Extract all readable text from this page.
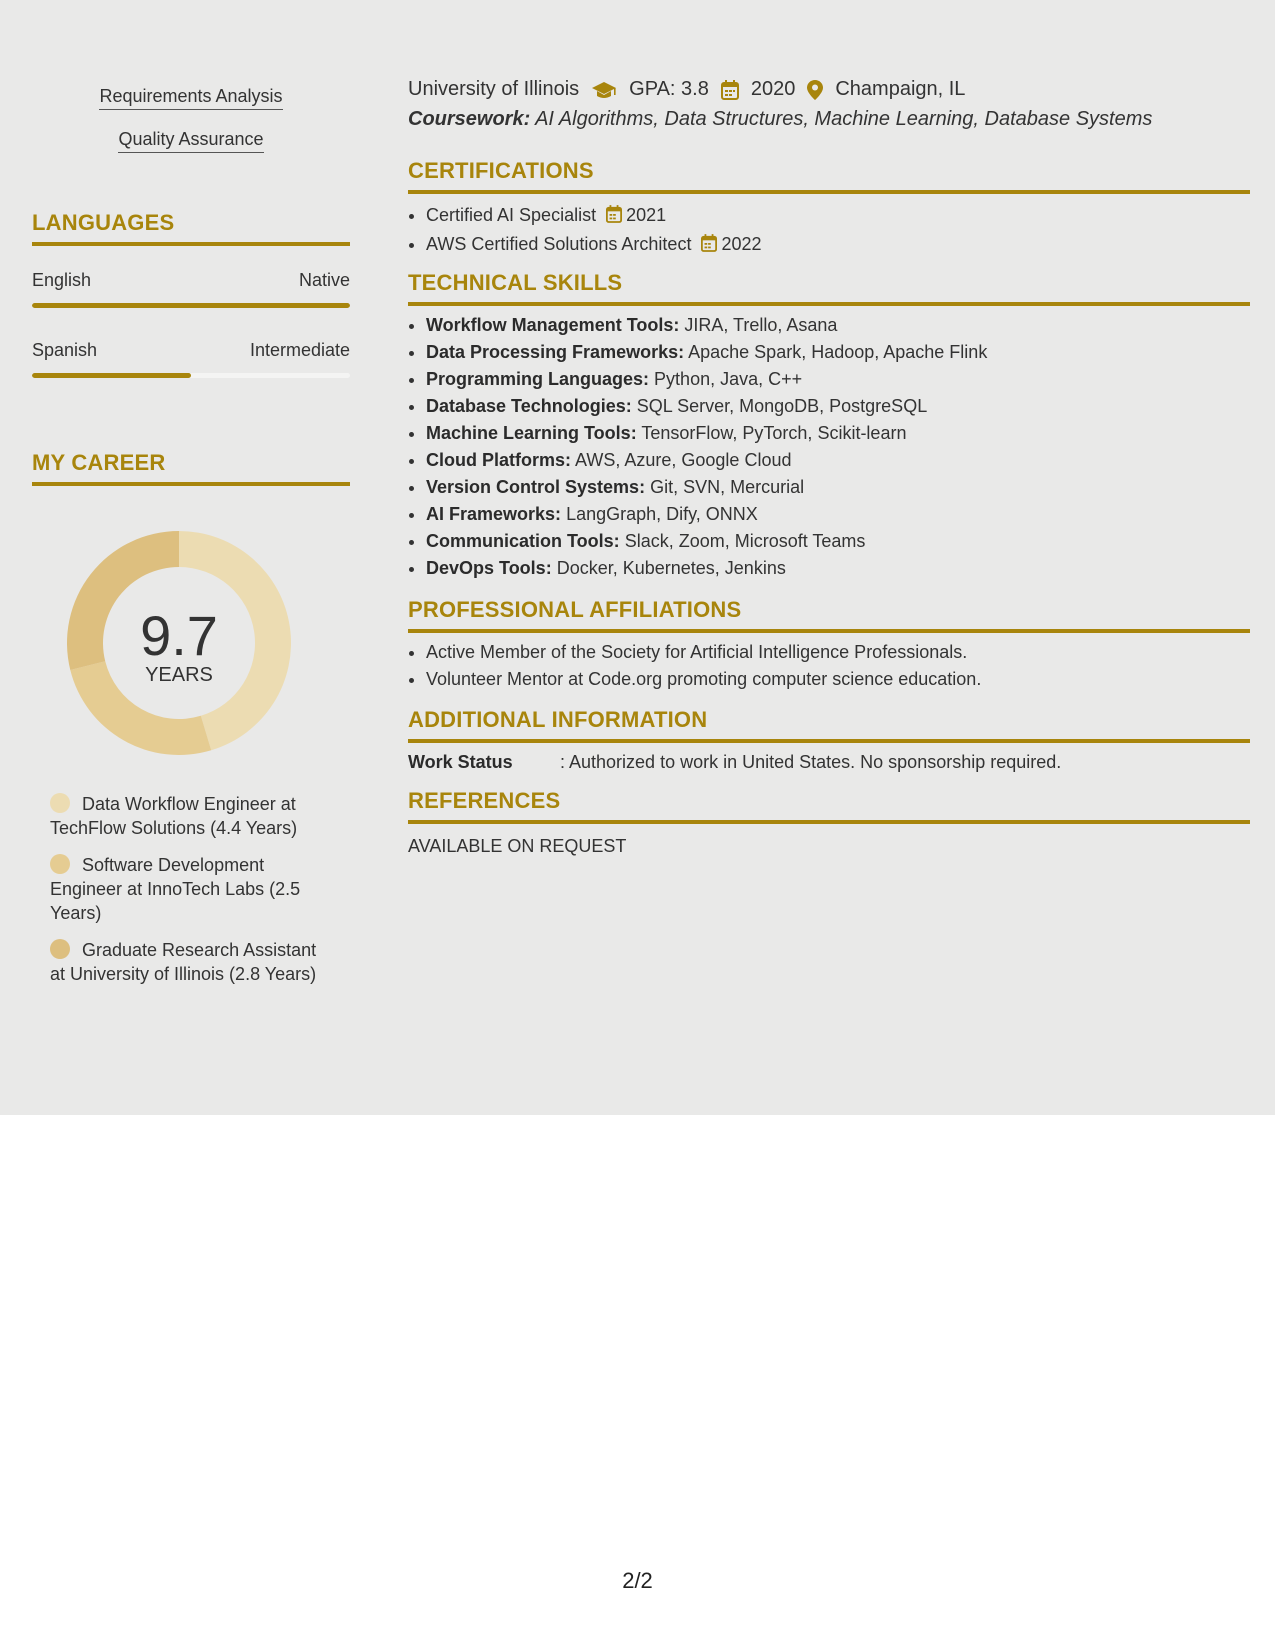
Requirements Analysis
Quality Assurance
LANGUAGES
English	Native
Spanish	Intermediate
MY CAREER
9.7
YEARS
Data Workflow Engineer at TechFlow Solutions (4.4 Years)
Software Development Engineer at InnoTech Labs (2.5 Years)
Graduate Research Assistant at University of Illinois (2.8 Years)
University of Illinois	GPA: 3.8 2020 Champaign, IL
Coursework: AI Algorithms, Data Structures, Machine Learning, Database Systems
CERTIFICATIONS
• Certified AI Specialist 2021
• AWS Certified Solutions Architect 2022
TECHNICAL SKILLS
• Workflow Management Tools: JIRA, Trello, Asana
• Data Processing Frameworks: Apache Spark, Hadoop, Apache Flink
• Programming Languages: Python, Java, C++
• Database Technologies: SQL Server, MongoDB, PostgreSQL
• Machine Learning Tools: TensorFlow, PyTorch, Scikit-learn
• Cloud Platforms: AWS, Azure, Google Cloud
• Version Control Systems: Git, SVN, Mercurial
• AI Frameworks: LangGraph, Dify, ONNX
• Communication Tools: Slack, Zoom, Microsoft Teams
• DevOps Tools: Docker, Kubernetes, Jenkins
PROFESSIONAL AFFILIATIONS
• Active Member of the Society for Artificial Intelligence Professionals.
• Volunteer Mentor at Code.org promoting computer science education.
ADDITIONAL INFORMATION
Work Status	: Authorized to work in United States. No sponsorship required.
REFERENCES
AVAILABLE ON REQUEST
2/2
